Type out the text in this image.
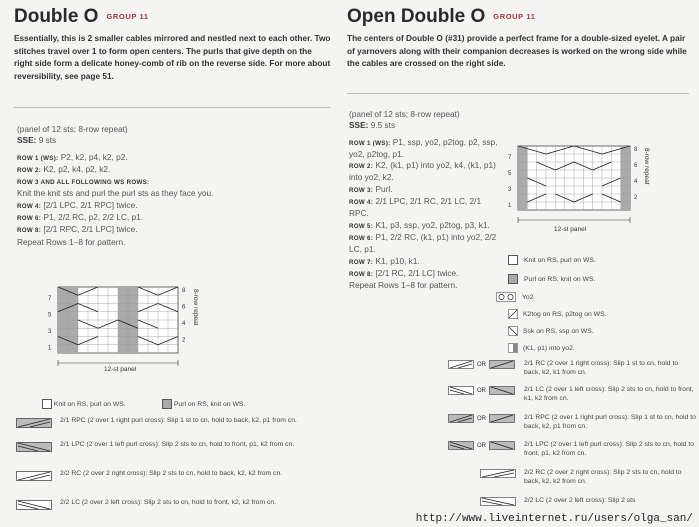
Double O GROUP 11
Essentially, this is 2 smaller cables mirrored and nestled next to each other. Two stitches travel over 1 to form open centers. The purls that give depth on the right side form a delicate honey-comb of rib on the reverse side. For more about reversibility, see page 51.
(panel of 12 sts; 8-row repeat)
SSE: 9 sts
ROW 1 (WS): P2, k2, p4, k2, p2.
ROW 2: K2, p2, k4, p2, k2.
ROW 3 AND ALL FOLLOWING WS ROWS:
Knit the knit sts and purl the purl sts as they face you.
ROW 4: [2/1 LPC, 2/1 RPC] twice.
ROW 6: P1, 2/2 RC, p2, 2/2 LC, p1.
ROW 8: [2/1 RPC, 2/1 LPC] twice.
Repeat Rows 1–8 for pattern.
7
5
3
1
8
6
4
2
8-row repeat
12-st panel
Knit on RS, purl on WS.	Purl on RS, knit on WS.
2/1 RPC (2 over 1 right purl cross): Slip 1 st to cn, hold to back, k2, p1 from cn.
2/1 LPC (2 over 1 left purl cross): Slip 2 sts to cn, hold to front, p1, k2 from cn.
2/2 RC (2 over 2 right cross): Slip 2 sts to cn, hold to back, k2, k2 from cn.
2/2 LC (2 over 2 left cross): Slip 2 sts to cn, hold to front, k2, k2 from cn.
Open Double O GROUP 11
The centers of Double O (#31) provide a perfect frame for a double-sized eyelet. A pair of yarnovers along with their companion decreases is worked on the wrong side while the cables are crossed on the right side.
(panel of 12 sts; 8-row repeat)
SSE: 9.5 sts
ROW 1 (WS): P1, ssp, yo2, p2tog, p2, ssp, yo2, p2tog, p1.
ROW 2: K2, (k1, p1) into yo2, k4, (k1, p1) into yo2, k2.
ROW 3: Purl.
ROW 4: 2/1 LPC, 2/1 RC, 2/1 LC, 2/1 RPC.
ROW 5: K1, p3, ssp, yo2, p2tog, p3, k1.
ROW 6: P1, 2/2 RC, (k1, p1) into yo2, 2/2 LC, p1.
ROW 7: K1, p10, k1.
ROW 8: [2/1 RC, 2/1 LC] twice.
Repeat Rows 1–8 for pattern.
7
5
3
1
8
6
4
2
8-row repeat
12-st panel
Knit on RS, purl on WS.
Purl on RS, knit on WS.
Yo2
K2tog on RS, p2tog on WS.
Ssk on RS, ssp on WS.
(K1, p1) into yo2.
OR	2/1 RC (2 over 1 right cross): Slip 1 st to cn, hold to back, k2, k1 from cn.
OR	2/1 LC (2 over 1 left cross): Slip 2 sts to cn, hold to front, k1, k2 from cn.
OR	2/1 RPC (2 over 1 right purl cross): Slip 1 st to cn, hold to back, k2, p1 from cn.
OR	2/1 LPC (2 over 1 left purl cross): Slip 2 sts to cn, hold to front, p1, k2 from cn.
2/2 RC (2 over 2 right cross): Slip 2 sts to cn, hold to back, k2, k2 from cn.
2/2 LC (2 over 2 left cross): Slip 2 sts
http://www.liveinternet.ru/users/olga_san/
